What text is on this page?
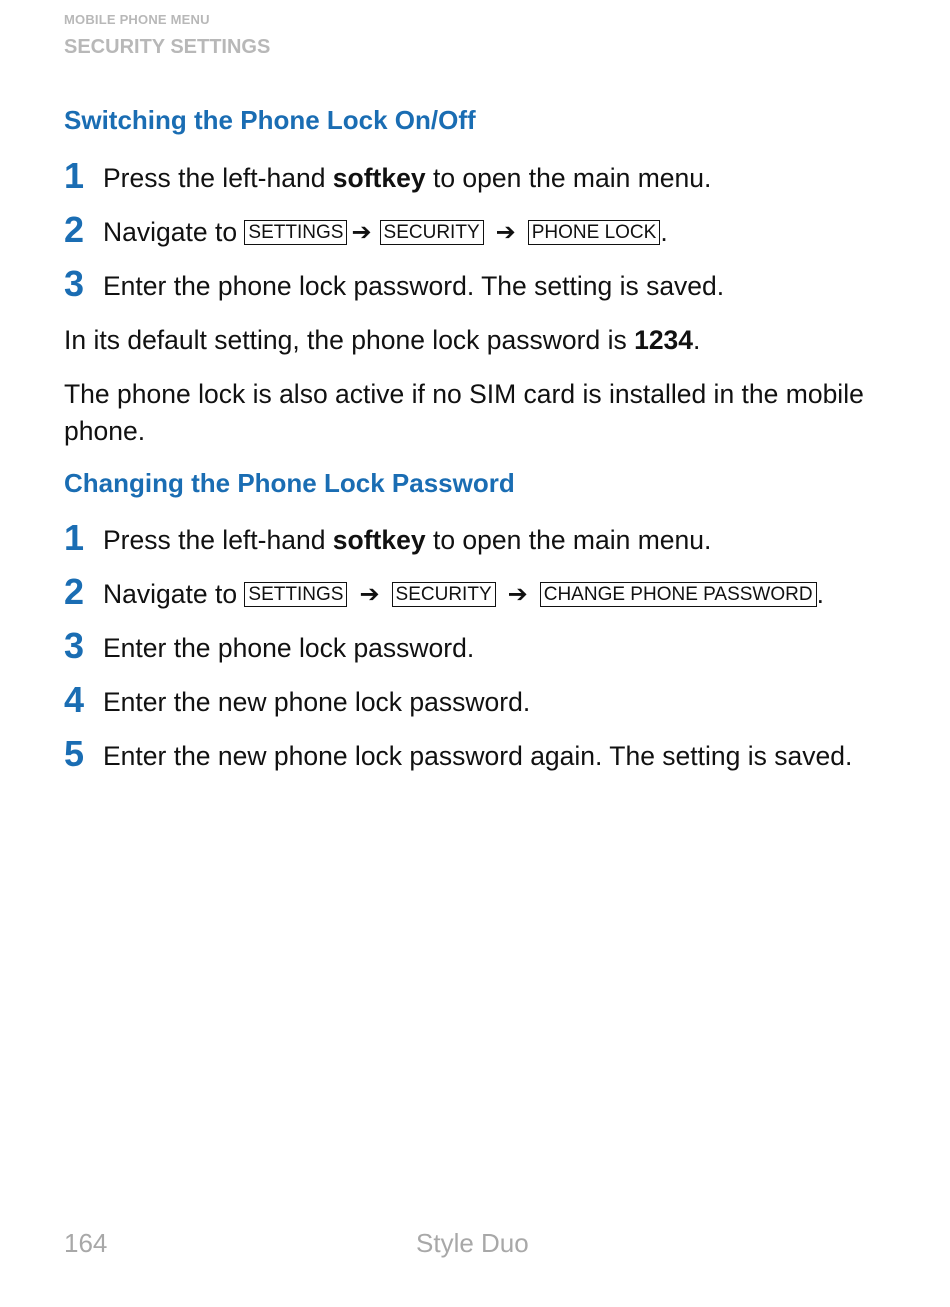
MOBILE PHONE MENU
SECURITY SETTINGS
Switching the Phone Lock On/Off
1 Press the left-hand softkey to open the main menu.
2 Navigate to SETTINGS ➔ SECURITY ➔ PHONE LOCK .
3 Enter the phone lock password. The setting is saved.
In its default setting, the phone lock password is 1234.
The phone lock is also active if no SIM card is installed in the mobile phone.
Changing the Phone Lock Password
1 Press the left-hand softkey to open the main menu.
2 Navigate to SETTINGS ➔ SECURITY ➔ CHANGE PHONE PASSWORD .
3 Enter the phone lock password.
4 Enter the new phone lock password.
5 Enter the new phone lock password again. The setting is saved.
164	Style Duo
